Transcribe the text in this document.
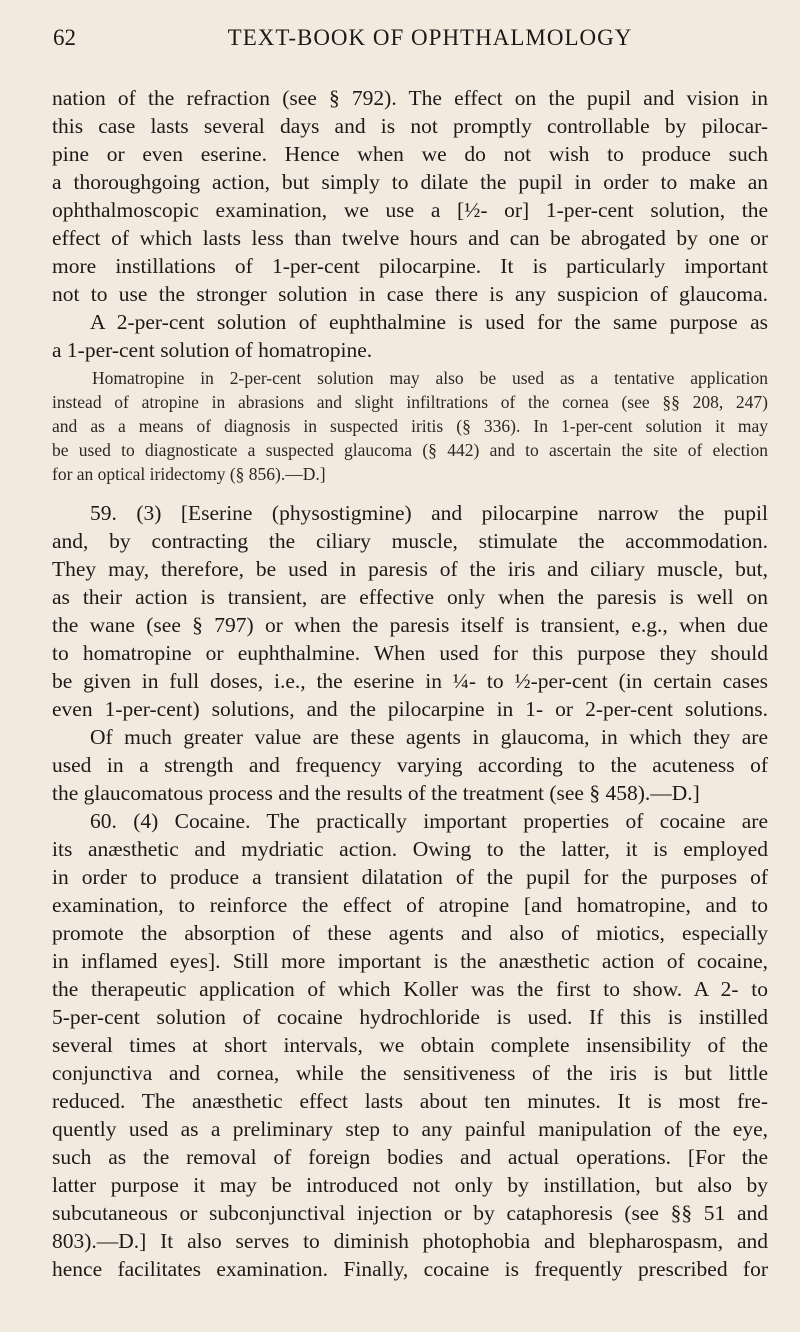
62	TEXT-BOOK OF OPHTHALMOLOGY
nation of the refraction (see § 792). The effect on the pupil and vision in
this case lasts several days and is not promptly controllable by pilocar-
pine or even eserine. Hence when we do not wish to produce such
a thoroughgoing action, but simply to dilate the pupil in order to make an
ophthalmoscopic examination, we use a [½- or] 1-per-cent solution, the
effect of which lasts less than twelve hours and can be abrogated by one or
more instillations of 1-per-cent pilocarpine. It is particularly important
not to use the stronger solution in case there is any suspicion of glaucoma.
A 2-per-cent solution of euphthalmine is used for the same purpose as
a 1-per-cent solution of homatropine.
Homatropine in 2-per-cent solution may also be used as a tentative application
instead of atropine in abrasions and slight infiltrations of the cornea (see §§ 208, 247)
and as a means of diagnosis in suspected iritis (§ 336). In 1-per-cent solution it may
be used to diagnosticate a suspected glaucoma (§ 442) and to ascertain the site of election
for an optical iridectomy (§ 856).—D.]
59. (3) [Eserine (physostigmine) and pilocarpine narrow the pupil
and, by contracting the ciliary muscle, stimulate the accommodation.
They may, therefore, be used in paresis of the iris and ciliary muscle, but,
as their action is transient, are effective only when the paresis is well on
the wane (see § 797) or when the paresis itself is transient, e.g., when due
to homatropine or euphthalmine. When used for this purpose they should
be given in full doses, i.e., the eserine in ¼- to ½-per-cent (in certain cases
even 1-per-cent) solutions, and the pilocarpine in 1- or 2-per-cent solutions.
Of much greater value are these agents in glaucoma, in which they are
used in a strength and frequency varying according to the acuteness of
the glaucomatous process and the results of the treatment (see § 458).—D.]
60. (4) Cocaine. The practically important properties of cocaine are
its anæsthetic and mydriatic action. Owing to the latter, it is employed
in order to produce a transient dilatation of the pupil for the purposes of
examination, to reinforce the effect of atropine [and homatropine, and to
promote the absorption of these agents and also of miotics, especially
in inflamed eyes]. Still more important is the anæsthetic action of cocaine,
the therapeutic application of which Koller was the first to show. A 2- to
5-per-cent solution of cocaine hydrochloride is used. If this is instilled
several times at short intervals, we obtain complete insensibility of the
conjunctiva and cornea, while the sensitiveness of the iris is but little
reduced. The anæsthetic effect lasts about ten minutes. It is most fre-
quently used as a preliminary step to any painful manipulation of the eye,
such as the removal of foreign bodies and actual operations. [For the
latter purpose it may be introduced not only by instillation, but also by
subcutaneous or subconjunctival injection or by cataphoresis (see §§ 51 and
803).—D.] It also serves to diminish photophobia and blepharospasm, and
hence facilitates examination. Finally, cocaine is frequently prescribed for
